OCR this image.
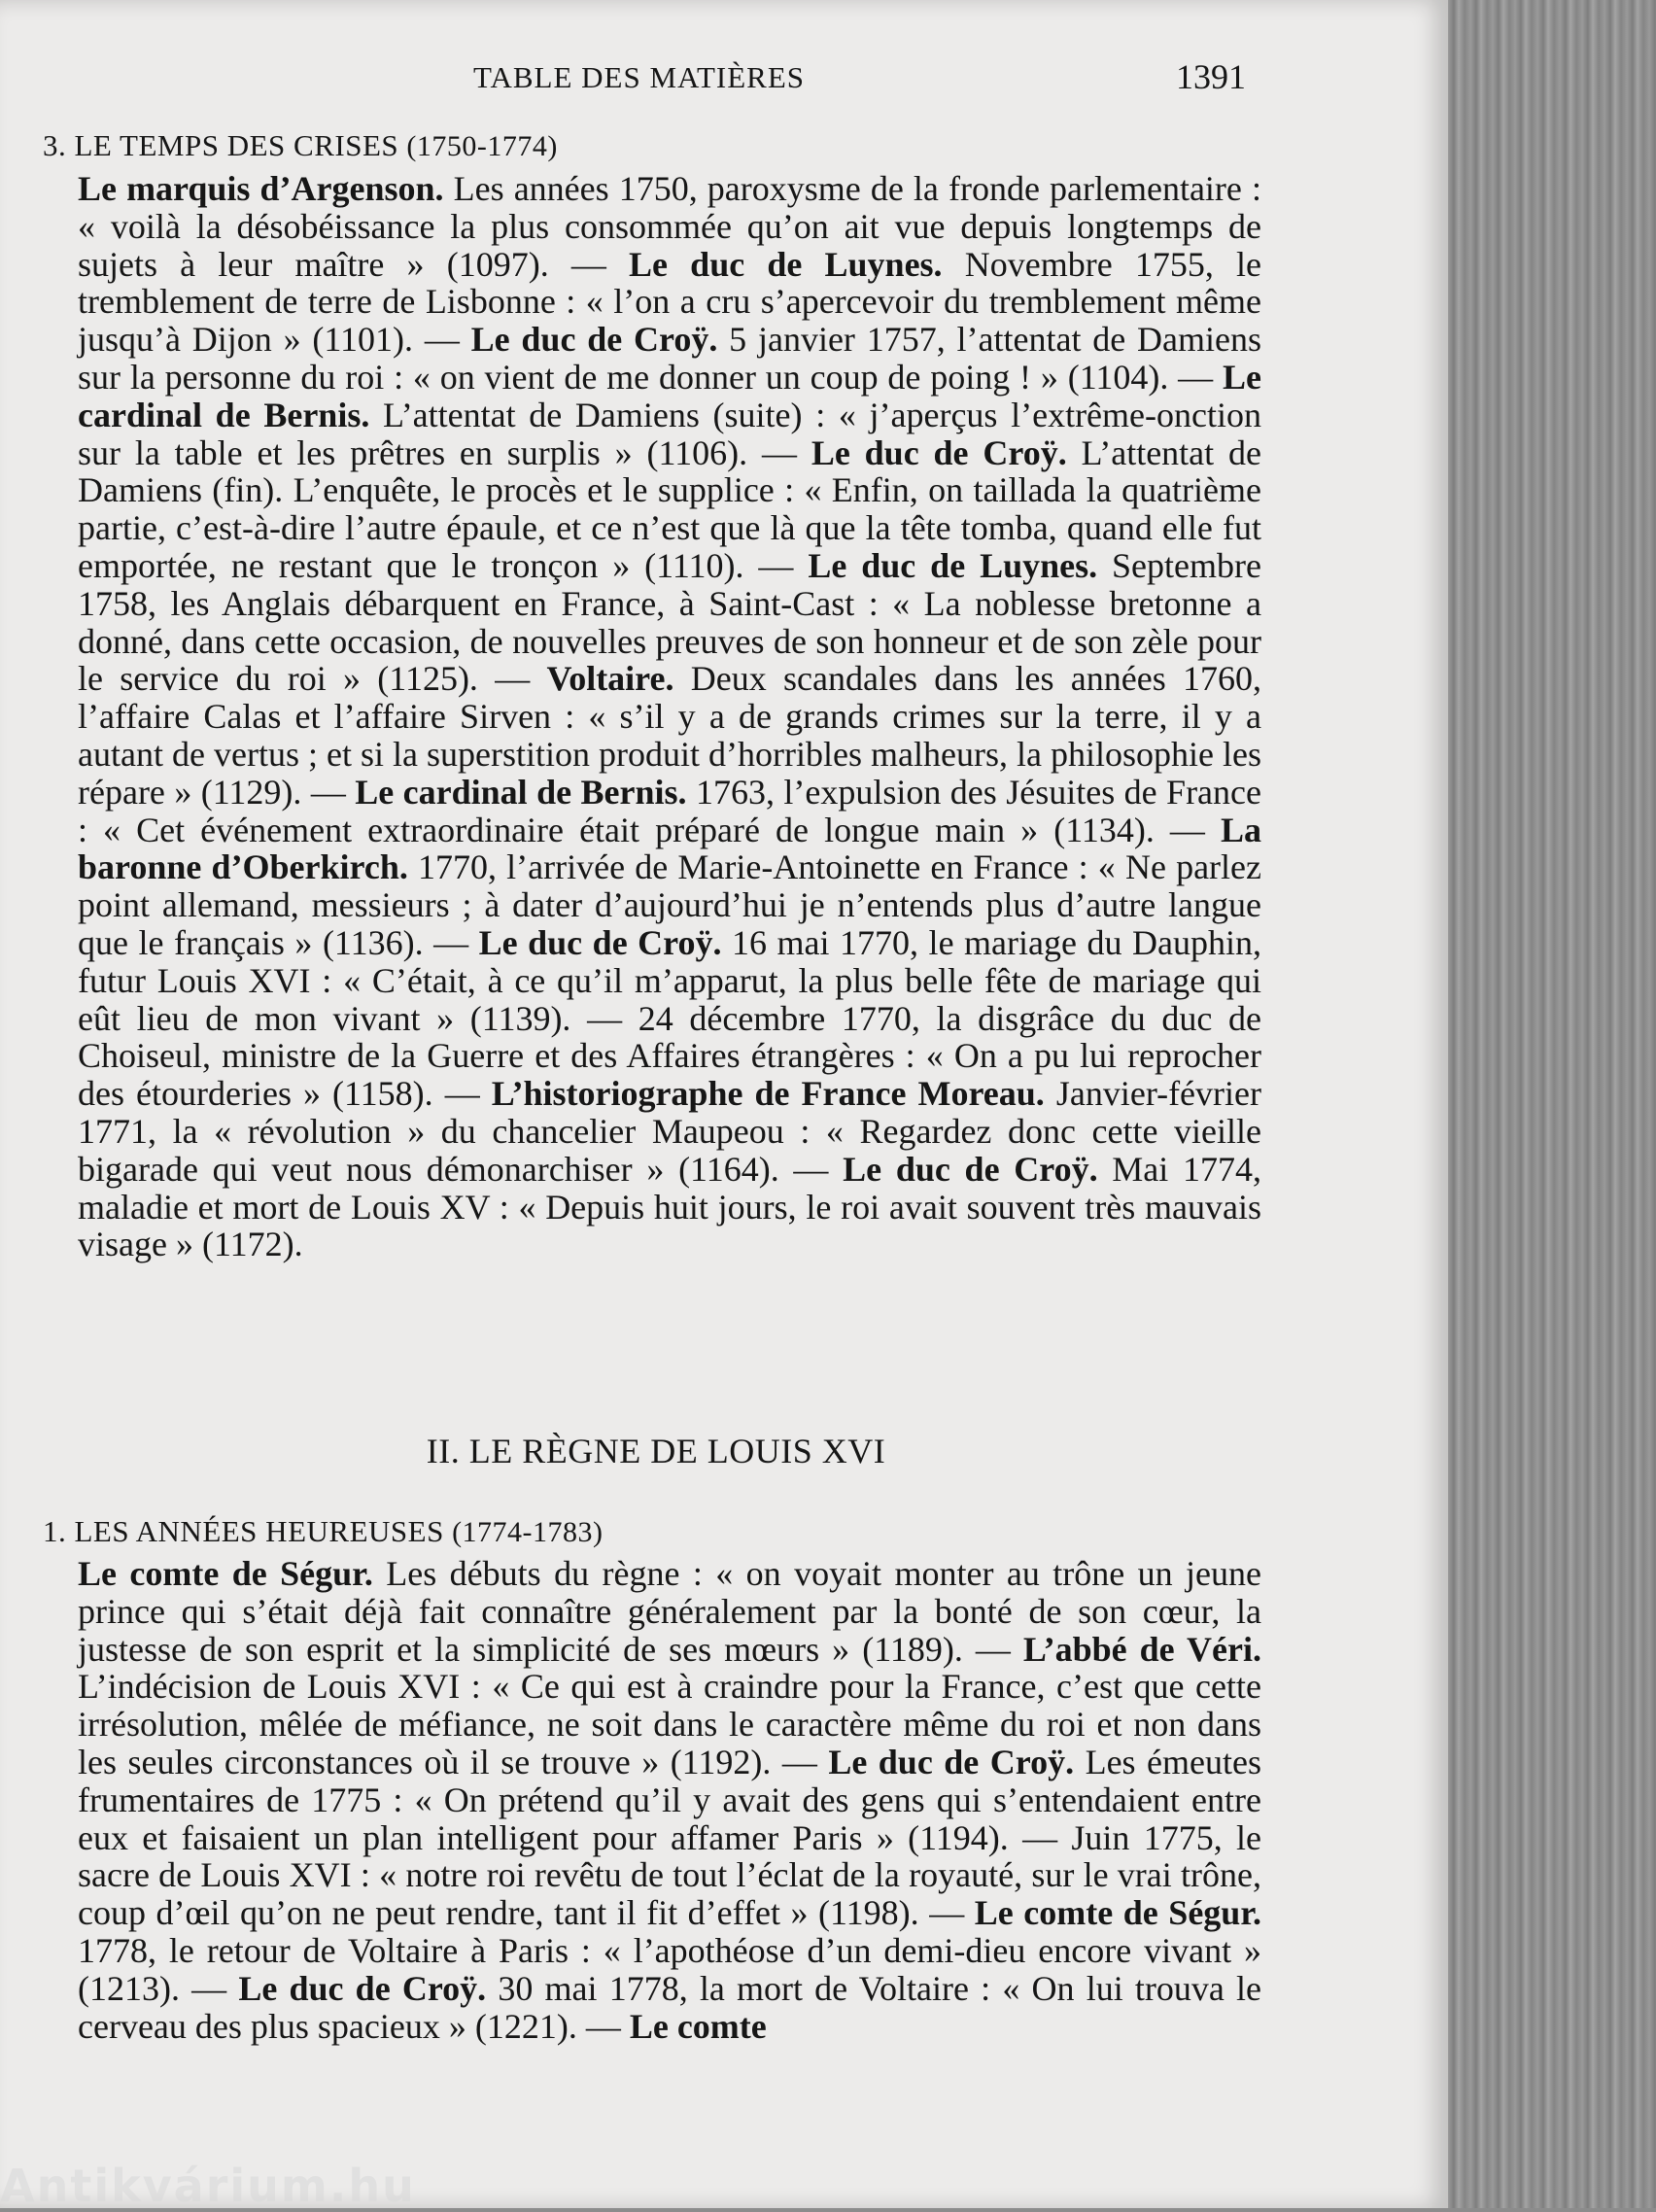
TABLE DES MATIÈRES	1391
3. LE TEMPS DES CRISES (1750-1774)
Le marquis d’Argenson. Les années 1750, paroxysme de la fronde parlementaire : « voilà la désobéissance la plus consommée qu’on ait vue depuis longtemps de sujets à leur maître » (1097). — Le duc de Luynes. Novembre 1755, le tremblement de terre de Lisbonne : « l’on a cru s’apercevoir du tremblement même jusqu’à Dijon » (1101). — Le duc de Croÿ. 5 janvier 1757, l’attentat de Damiens sur la personne du roi : « on vient de me donner un coup de poing ! » (1104). — Le cardinal de Bernis. L’attentat de Damiens (suite) : « j’aperçus l’extrême-onction sur la table et les prêtres en surplis » (1106). — Le duc de Croÿ. L’attentat de Damiens (fin). L’enquête, le procès et le supplice : « Enfin, on taillada la quatrième partie, c’est-à-dire l’autre épaule, et ce n’est que là que la tête tomba, quand elle fut emportée, ne restant que le tronçon » (1110). — Le duc de Luynes. Septembre 1758, les Anglais débarquent en France, à Saint-Cast : « La noblesse bretonne a donné, dans cette occasion, de nouvelles preuves de son honneur et de son zèle pour le service du roi » (1125). — Voltaire. Deux scandales dans les années 1760, l’affaire Calas et l’affaire Sirven : « s’il y a de grands crimes sur la terre, il y a autant de vertus ; et si la superstition produit d’horribles malheurs, la philosophie les répare » (1129). — Le cardinal de Bernis. 1763, l’expulsion des Jésuites de France : « Cet événement extraordinaire était préparé de longue main » (1134). — La baronne d’Oberkirch. 1770, l’arrivée de Marie-Antoinette en France : « Ne parlez point allemand, messieurs ; à dater d’aujourd’hui je n’entends plus d’autre langue que le français » (1136). — Le duc de Croÿ. 16 mai 1770, le mariage du Dauphin, futur Louis XVI : « C’était, à ce qu’il m’apparut, la plus belle fête de mariage qui eût lieu de mon vivant » (1139). — 24 décembre 1770, la disgrâce du duc de Choiseul, ministre de la Guerre et des Affaires étrangères : « On a pu lui reprocher des étourderies » (1158). — L’historiographe de France Moreau. Janvier-février 1771, la « révolution » du chancelier Maupeou : « Regardez donc cette vieille bigarade qui veut nous démonarchiser » (1164). — Le duc de Croÿ. Mai 1774, maladie et mort de Louis XV : « Depuis huit jours, le roi avait souvent très mauvais visage » (1172).
II. LE RÈGNE DE LOUIS XVI
1. LES ANNÉES HEUREUSES (1774-1783)
Le comte de Ségur. Les débuts du règne : « on voyait monter au trône un jeune prince qui s’était déjà fait connaître généralement par la bonté de son cœur, la justesse de son esprit et la simplicité de ses mœurs » (1189). — L’abbé de Véri. L’indécision de Louis XVI : « Ce qui est à craindre pour la France, c’est que cette irrésolution, mêlée de méfiance, ne soit dans le caractère même du roi et non dans les seules circonstances où il se trouve » (1192). — Le duc de Croÿ. Les émeutes frumentaires de 1775 : « On prétend qu’il y avait des gens qui s’entendaient entre eux et faisaient un plan intelligent pour affamer Paris » (1194). — Juin 1775, le sacre de Louis XVI : « notre roi revêtu de tout l’éclat de la royauté, sur le vrai trône, coup d’œil qu’on ne peut rendre, tant il fit d’effet » (1198). — Le comte de Ségur. 1778, le retour de Voltaire à Paris : « l’apothéose d’un demi-dieu encore vivant » (1213). — Le duc de Croÿ. 30 mai 1778, la mort de Voltaire : « On lui trouva le cerveau des plus spacieux » (1221). — Le comte
Antikvárium.hu
